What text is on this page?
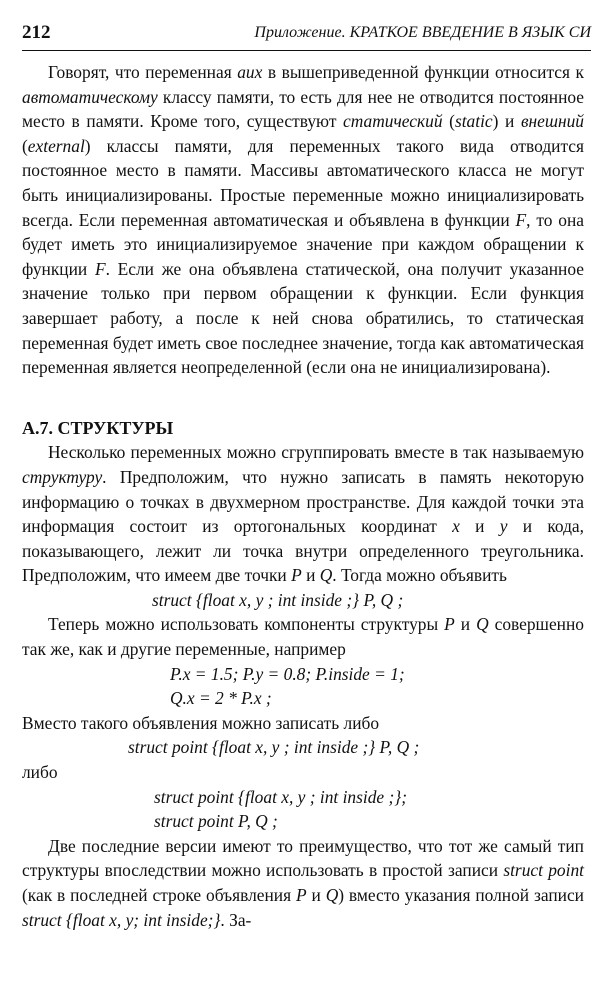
212	Приложение. КРАТКОЕ ВВЕДЕНИЕ В ЯЗЫК СИ

Говорят, что переменная aux в вышеприведенной функции относится к автоматическому классу памяти, то есть для нее не отводится постоянное место в памяти. Кроме того, существуют статический (static) и внешний (external) классы памяти, для переменных такого вида отводится постоянное место в памяти. Массивы автоматического класса не могут быть инициализированы. Простые переменные можно инициализировать всегда. Если переменная автоматическая и объявлена в функции F, то она будет иметь это инициализируемое значение при каждом обращении к функции F. Если же она объявлена статической, она получит указанное значение только при первом обращении к функции. Если функция завершает работу, а после к ней снова обратились, то статическая переменная будет иметь свое последнее значение, тогда как автоматическая переменная является неопределенной (если она не инициализирована).

А.7. СТРУКТУРЫ

Несколько переменных можно сгруппировать вместе в так называемую структуру. Предположим, что нужно записать в память некоторую информацию о точках в двухмерном пространстве. Для каждой точки эта информация состоит из ортогональных координат x и y и кода, показывающего, лежит ли точка внутри определенного треугольника. Предположим, что имеем две точки P и Q. Тогда можно объявить

struct {float x, y ; int inside ;} P, Q ;

Теперь можно использовать компоненты структуры P и Q совершенно так же, как и другие переменные, например

P.x = 1.5; P.y = 0.8; P.inside = 1;
Q.x = 2 * P.x ;

Вместо такого объявления можно записать либо

struct point {float x, y ; int inside ;} P, Q ;

либо

struct point {float x, y ; int inside ;};
struct point P, Q ;

Две последние версии имеют то преимущество, что тот же самый тип структуры впоследствии можно использовать в простой записи struct point (как в последней строке объявления P и Q) вместо указания полной записи struct {float x, y; int inside;}. За-
